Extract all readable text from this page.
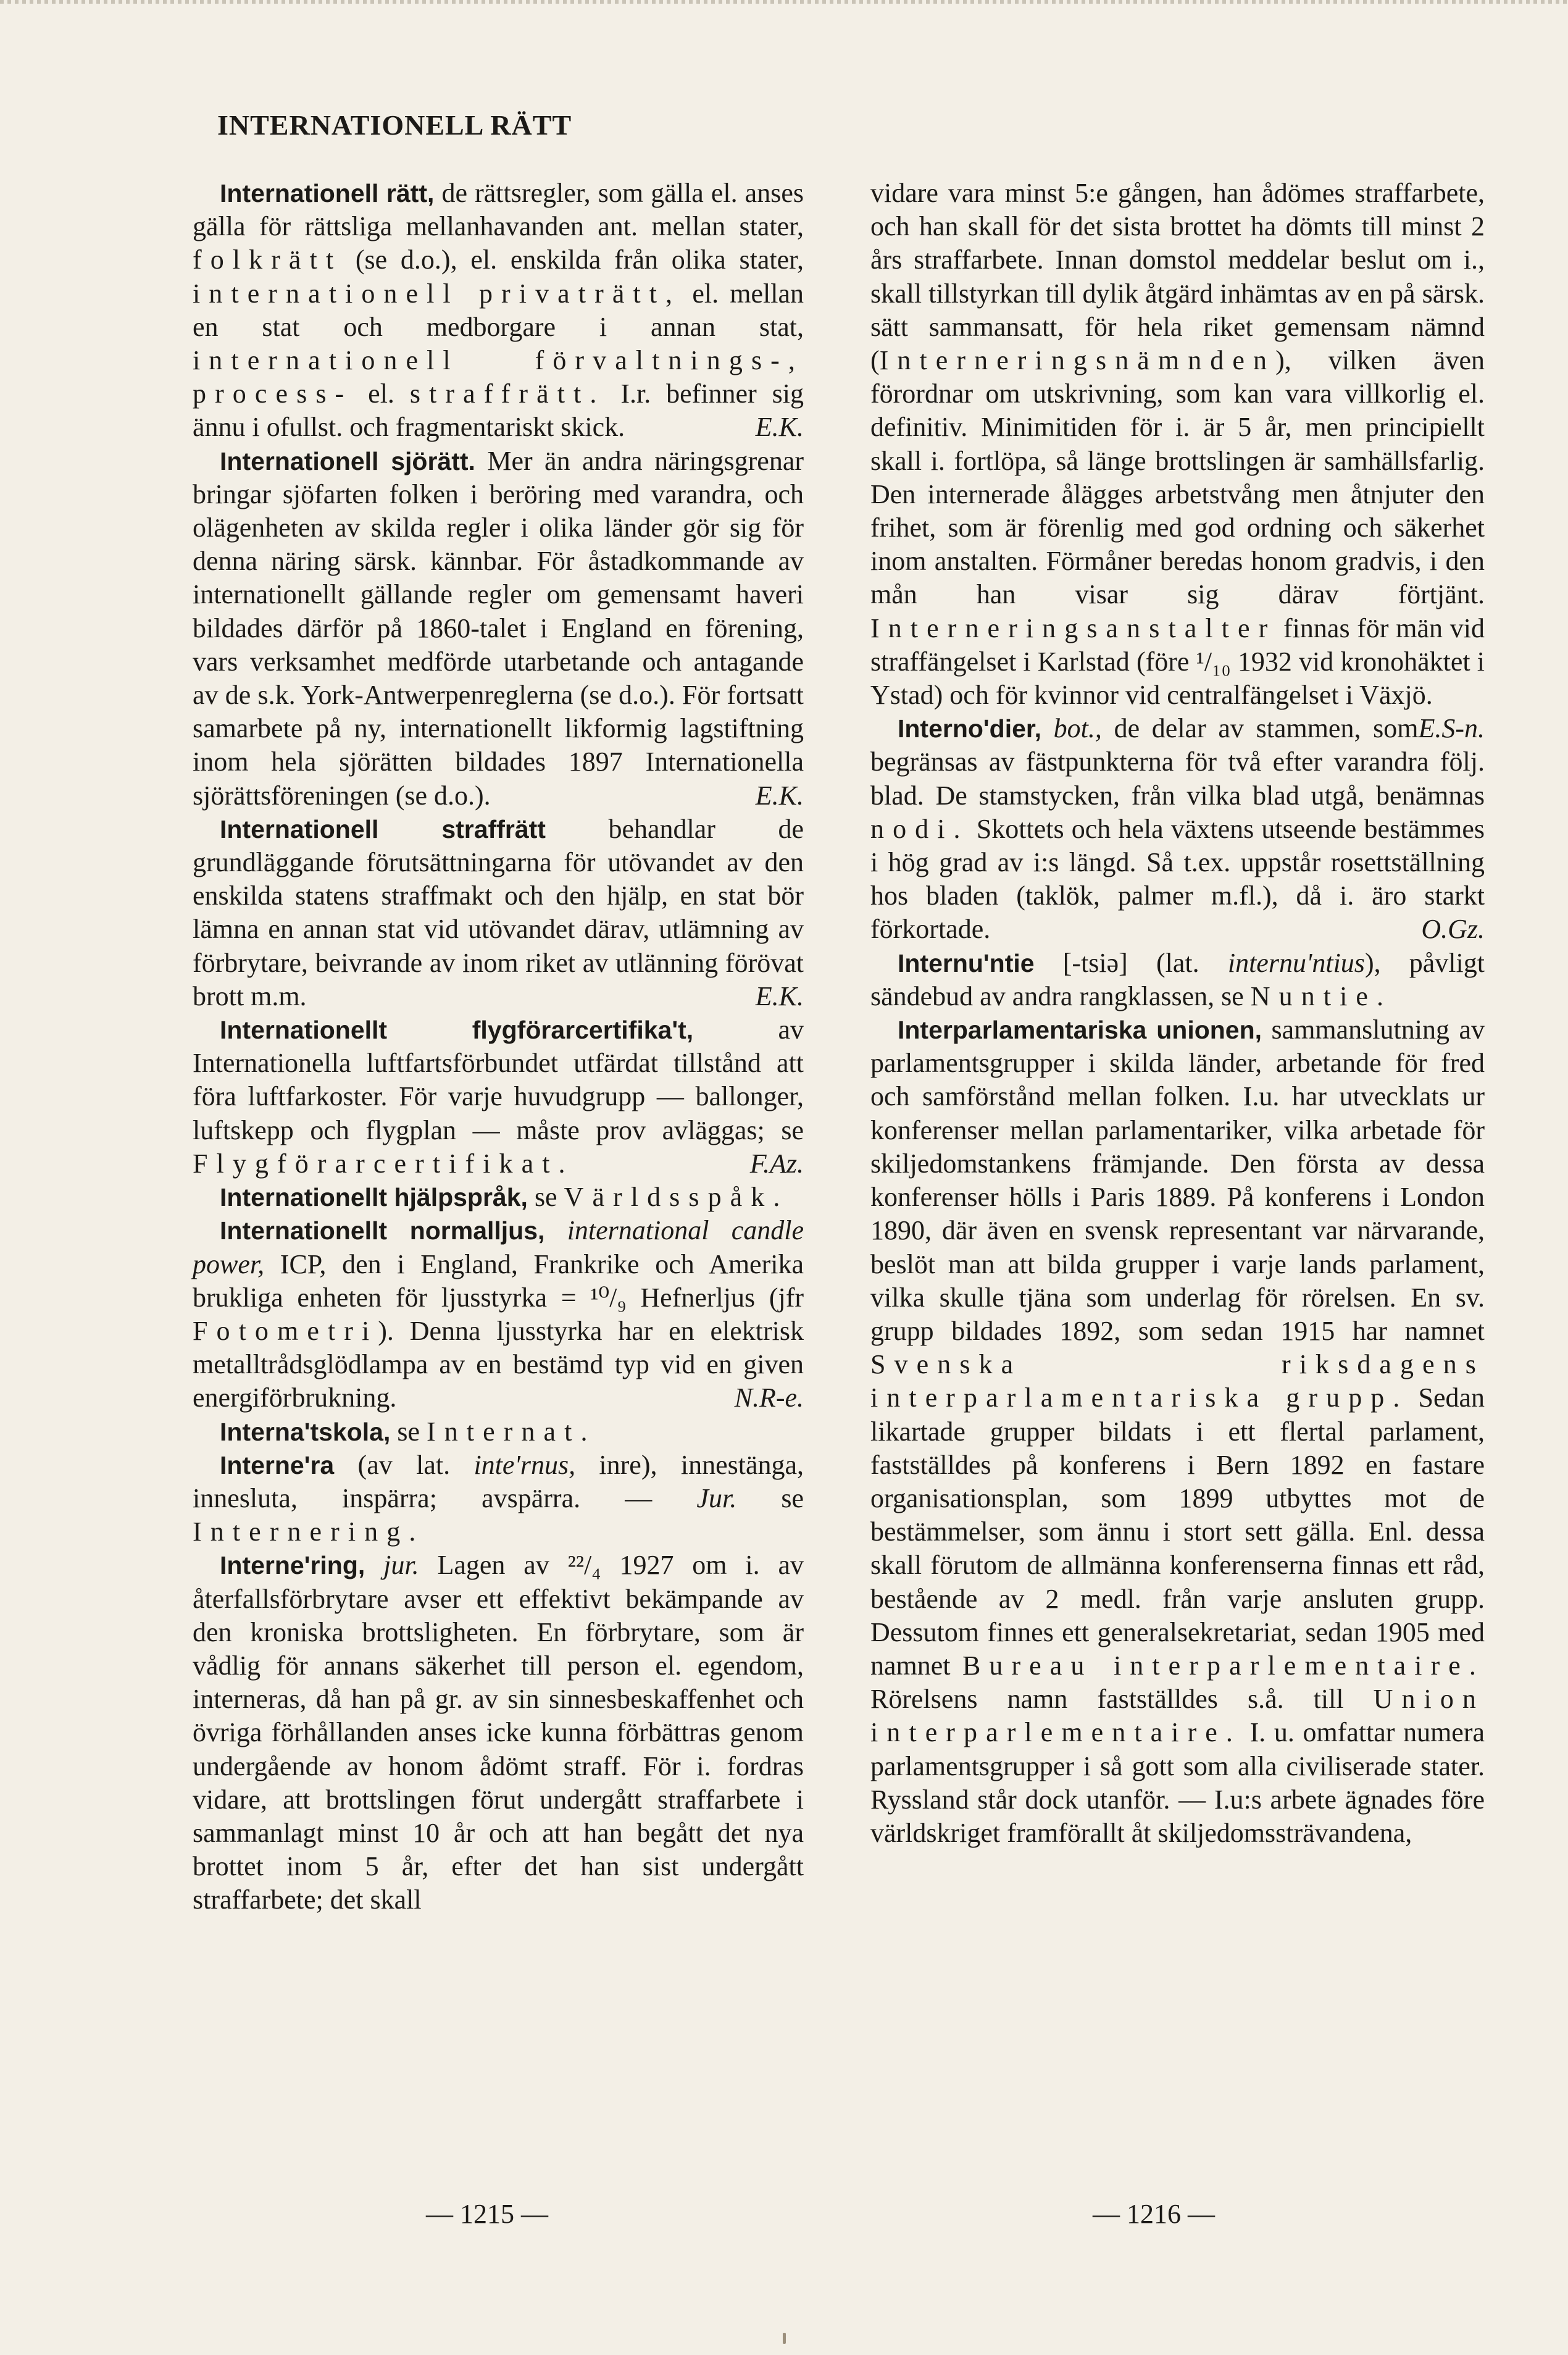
INTERNATIONELL RÄTT

Internationell rätt, de rättsregler, som gälla el. anses gälla för rättsliga mellanhavanden ant. mellan stater, folkrätt (se d.o.), el. enskilda från olika stater, internationell privaträtt, el. mellan en stat och medborgare i annan stat, internationell förvaltnings-, process- el. straffrätt. I.r. befinner sig ännu i ofullst. och fragmentariskt skick.	E.K.

Internationell sjörätt. Mer än andra näringsgrenar bringar sjöfarten folken i beröring med varandra, och olägenheten av skilda regler i olika länder gör sig för denna näring särsk. kännbar. För åstadkommande av internationellt gällande regler om gemensamt haveri bildades därför på 1860-talet i England en förening, vars verksamhet medförde utarbetande och antagande av de s.k. York-Antwerpenreglerna (se d.o.). För fortsatt samarbete på ny, internationellt likformig lagstiftning inom hela sjörätten bildades 1897 Internationella sjörättsföreningen (se d.o.).	E.K.

Internationell straffrätt behandlar de grundläggande förutsättningarna för utövandet av den enskilda statens straffmakt och den hjälp, en stat bör lämna en annan stat vid utövandet därav, utlämning av förbrytare, beivrande av inom riket av utlänning förövat brott m.m.	E.K.

Internationellt flygförarcertifika't, av Internationella luftfartsförbundet utfärdat tillstånd att föra luftfarkoster. För varje huvudgrupp — ballonger, luftskepp och flygplan — måste prov avläggas; se Flygförarcertifikat.	F.Az.

Internationellt hjälpspråk, se Världsspåk.

Internationellt normalljus, international candle power, ICP, den i England, Frankrike och Amerika brukliga enheten för ljusstyrka = ¹⁰/₉ Hefnerljus (jfr Fotometri). Denna ljusstyrka har en elektrisk metalltrådsglödlampa av en bestämd typ vid en given energiförbrukning.	N.R-e.

Interna'tskola, se Internat.

Interne'ra (av lat. inte'rnus, inre), innestänga, innesluta, inspärra; avspärra. — Jur. se Internering.

Interne'ring, jur. Lagen av ²²/₄ 1927 om i. av återfallsförbrytare avser ett effektivt bekämpande av den kroniska brottsligheten. En förbrytare, som är vådlig för annans säkerhet till person el. egendom, interneras, då han på gr. av sin sinnesbeskaffenhet och övriga förhållanden anses icke kunna förbättras genom undergående av honom ådömt straff. För i. fordras vidare, att brottslingen förut undergått straffarbete i sammanlagt minst 10 år och att han begått det nya brottet inom 5 år, efter det han sist undergått straffarbete; det skall

vidare vara minst 5:e gången, han ådömes straffarbete, och han skall för det sista brottet ha dömts till minst 2 års straffarbete. Innan domstol meddelar beslut om i., skall tillstyrkan till dylik åtgärd inhämtas av en på särsk. sätt sammansatt, för hela riket gemensam nämnd (Interneringsnämnden), vilken även förordnar om utskrivning, som kan vara villkorlig el. definitiv. Minimitiden för i. är 5 år, men principiellt skall i. fortlöpa, så länge brottslingen är samhällsfarlig. Den internerade ålägges arbetstvång men åtnjuter den frihet, som är förenlig med god ordning och säkerhet inom anstalten. Förmåner beredas honom gradvis, i den mån han visar sig därav förtjänt. Interneringsanstalter finnas för män vid straffängelset i Karlstad (före ¹/₁₀ 1932 vid kronohäktet i Ystad) och för kvinnor vid centralfängelset i Växjö.
E.S-n.

Interno'dier, bot., de delar av stammen, som begränsas av fästpunkterna för två efter varandra följ. blad. De stamstycken, från vilka blad utgå, benämnas nodi. Skottets och hela växtens utseende bestämmes i hög grad av i:s längd. Så t.ex. uppstår rosettställning hos bladen (taklök, palmer m.fl.), då i. äro starkt förkortade.	O.Gz.

Internu'ntie [-tsiə] (lat. internu'ntius), påvligt sändebud av andra rangklassen, se Nuntie.

Interparlamentariska unionen, sammanslutning av parlamentsgrupper i skilda länder, arbetande för fred och samförstånd mellan folken. I.u. har utvecklats ur konferenser mellan parlamentariker, vilka arbetade för skiljedomstankens främjande. Den första av dessa konferenser hölls i Paris 1889. På konferens i London 1890, där även en svensk representant var närvarande, beslöt man att bilda grupper i varje lands parlament, vilka skulle tjäna som underlag för rörelsen. En sv. grupp bildades 1892, som sedan 1915 har namnet Svenska riksdagens interparlamentariska grupp. Sedan likartade grupper bildats i ett flertal parlament, fastställdes på konferens i Bern 1892 en fastare organisationsplan, som 1899 utbyttes mot de bestämmelser, som ännu i stort sett gälla. Enl. dessa skall förutom de allmänna konferenserna finnas ett råd, bestående av 2 medl. från varje ansluten grupp. Dessutom finnes ett generalsekretariat, sedan 1905 med namnet Bureau interparlementaire. Rörelsens namn fastställdes s.å. till Union interparlementaire. I. u. omfattar numera parlamentsgrupper i så gott som alla civiliserade stater. Ryssland står dock utanför. — I.u:s arbete ägnades före världskriget framförallt åt skiljedomssträvandena,

— 1215 —	— 1216 —
